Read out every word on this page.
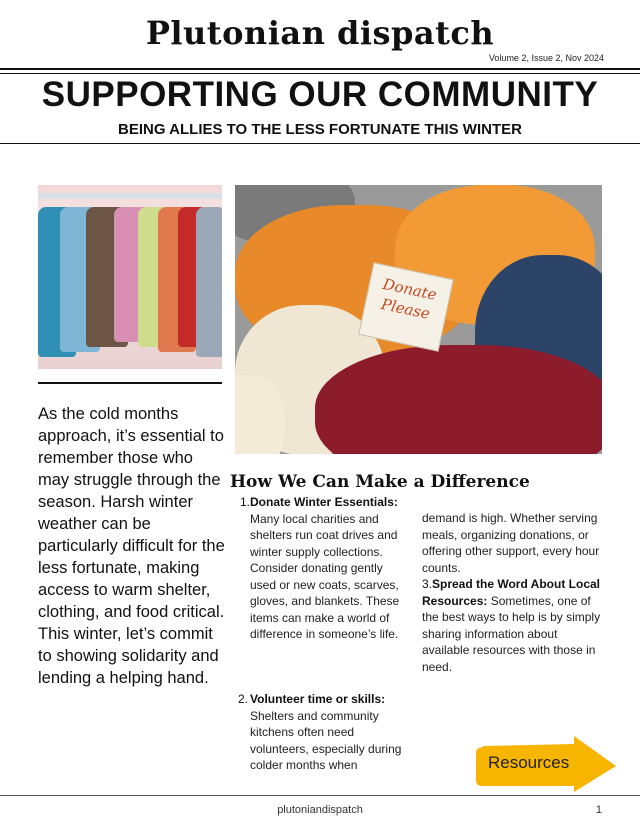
Plutonian dispatch
Volume 2, Issue 2, Nov 2024
SUPPORTING OUR COMMUNITY
BEING ALLIES TO THE LESS FORTUNATE THIS WINTER
Donate Please
As the cold months approach, it’s essential to remember those who may struggle through the season. Harsh winter weather can be particularly difficult for the less fortunate, making access to warm shelter, clothing, and food critical. This winter, let’s commit to showing solidarity and lending a helping hand.
How We Can Make a Difference
1. Donate Winter Essentials: Many local charities and shelters run coat drives and winter supply collections. Consider donating gently used or new coats, scarves, gloves, and blankets. These items can make a world of difference in someone’s life.
2. Volunteer time or skills: Shelters and community kitchens often need volunteers, especially during colder months when
demand is high. Whether serving meals, organizing donations, or offering other support, every hour counts.
3. Spread the Word About Local Resources: Sometimes, one of the best ways to help is by simply sharing information about available resources with those in need.
Resources
plutoniandispatch	1
